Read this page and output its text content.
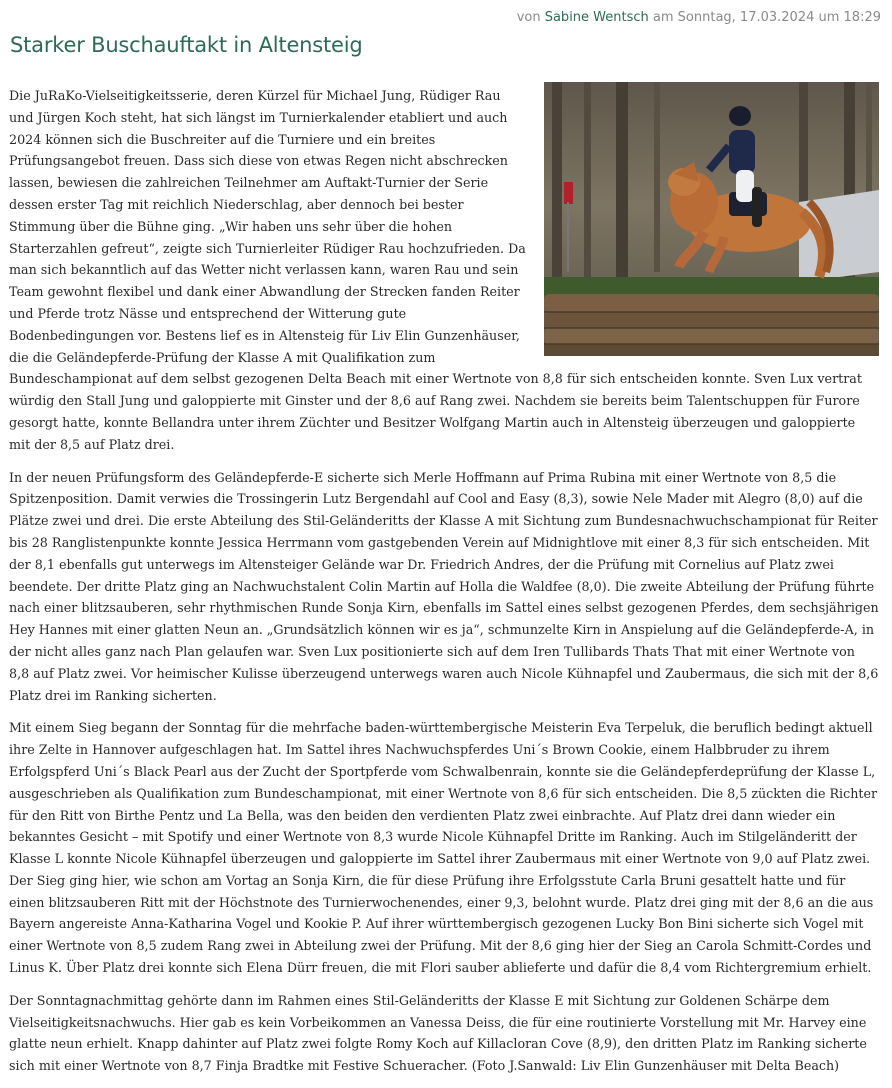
von Sabine Wentsch am Sonntag, 17.03.2024 um 18:29
Starker Buschauftakt in Altensteig

Die JuRaKo-Vielseitigkeitsserie, deren Kürzel für Michael Jung, Rüdiger Rau und Jürgen Koch steht, hat sich längst im Turnierkalender etabliert und auch 2024 können sich die Buschreiter auf die Turniere und ein breites Prüfungsangebot freuen. Dass sich diese von etwas Regen nicht abschrecken lassen, bewiesen die zahlreichen Teilnehmer am Auftakt-Turnier der Serie dessen erster Tag mit reichlich Niederschlag, aber dennoch bei bester Stimmung über die Bühne ging. „Wir haben uns sehr über die hohen Starterzahlen gefreut“, zeigte sich Turnierleiter Rüdiger Rau hochzufrieden. Da man sich bekanntlich auf das Wetter nicht verlassen kann, waren Rau und sein Team gewohnt flexibel und dank einer Abwandlung der Strecken fanden Reiter und Pferde trotz Nässe und entsprechend der Witterung gute Bodenbedingungen vor. Bestens lief es in Altensteig für Liv Elin Gunzenhäuser, die die Geländepferde-Prüfung der Klasse A mit Qualifikation zum Bundeschampionat auf dem selbst gezogenen Delta Beach mit einer Wertnote von 8,8 für sich entscheiden konnte. Sven Lux vertrat würdig den Stall Jung und galoppierte mit Ginster und der 8,6 auf Rang zwei. Nachdem sie bereits beim Talentschuppen für Furore gesorgt hatte, konnte Bellandra unter ihrem Züchter und Besitzer Wolfgang Martin auch in Altensteig überzeugen und galoppierte mit der 8,5 auf Platz drei.

In der neuen Prüfungsform des Geländepferde-E sicherte sich Merle Hoffmann auf Prima Rubina mit einer Wertnote von 8,5 die Spitzenposition. Damit verwies die Trossingerin Lutz Bergendahl auf Cool and Easy (8,3), sowie Nele Mader mit Alegro (8,0) auf die Plätze zwei und drei. Die erste Abteilung des Stil-Geländeritts der Klasse A mit Sichtung zum Bundesnachwuchschampionat für Reiter bis 28 Ranglistenpunkte konnte Jessica Herrmann vom gastgebenden Verein auf Midnightlove mit einer 8,3 für sich entscheiden. Mit der 8,1 ebenfalls gut unterwegs im Altensteiger Gelände war Dr. Friedrich Andres, der die Prüfung mit Cornelius auf Platz zwei beendete. Der dritte Platz ging an Nachwuchstalent Colin Martin auf Holla die Waldfee (8,0). Die zweite Abteilung der Prüfung führte nach einer blitzsauberen, sehr rhythmischen Runde Sonja Kirn, ebenfalls im Sattel eines selbst gezogenen Pferdes, dem sechsjährigen Hey Hannes mit einer glatten Neun an. „Grundsätzlich können wir es ja“, schmunzelte Kirn in Anspielung auf die Geländepferde-A, in der nicht alles ganz nach Plan gelaufen war. Sven Lux positionierte sich auf dem Iren Tullibards Thats That mit einer Wertnote von 8,8 auf Platz zwei. Vor heimischer Kulisse überzeugend unterwegs waren auch Nicole Kühnapfel und Zaubermaus, die sich mit der 8,6 Platz drei im Ranking sicherten.

Mit einem Sieg begann der Sonntag für die mehrfache baden-württembergische Meisterin Eva Terpeluk, die beruflich bedingt aktuell ihre Zelte in Hannover aufgeschlagen hat. Im Sattel ihres Nachwuchspferdes Uni´s Brown Cookie, einem Halbbruder zu ihrem Erfolgspferd Uni´s Black Pearl aus der Zucht der Sportpferde vom Schwalbenrain, konnte sie die Geländepferdeprüfung der Klasse L, ausgeschrieben als Qualifikation zum Bundeschampionat, mit einer Wertnote von 8,6 für sich entscheiden. Die 8,5 zückten die Richter für den Ritt von Birthe Pentz und La Bella, was den beiden den verdienten Platz zwei einbrachte. Auf Platz drei dann wieder ein bekanntes Gesicht – mit Spotify und einer Wertnote von 8,3 wurde Nicole Kühnapfel Dritte im Ranking. Auch im Stilgeländeritt der Klasse L konnte Nicole Kühnapfel überzeugen und galoppierte im Sattel ihrer Zaubermaus mit einer Wertnote von 9,0 auf Platz zwei. Der Sieg ging hier, wie schon am Vortag an Sonja Kirn, die für diese Prüfung ihre Erfolgsstute Carla Bruni gesattelt hatte und für einen blitzsauberen Ritt mit der Höchstnote des Turnierwochenendes, einer 9,3, belohnt wurde. Platz drei ging mit der 8,6 an die aus Bayern angereiste Anna-Katharina Vogel und Kookie P. Auf ihrer württembergisch gezogenen Lucky Bon Bini sicherte sich Vogel mit einer Wertnote von 8,5 zudem Rang zwei in Abteilung zwei der Prüfung. Mit der 8,6 ging hier der Sieg an Carola Schmitt-Cordes und Linus K. Über Platz drei konnte sich Elena Dürr freuen, die mit Flori sauber ablieferte und dafür die 8,4 vom Richtergremium erhielt.

Der Sonntagnachmittag gehörte dann im Rahmen eines Stil-Geländeritts der Klasse E mit Sichtung zur Goldenen Schärpe dem Vielseitigkeitsnachwuchs. Hier gab es kein Vorbeikommen an Vanessa Deiss, die für eine routinierte Vorstellung mit Mr. Harvey eine glatte neun erhielt. Knapp dahinter auf Platz zwei folgte Romy Koch auf Killacloran Cove (8,9), den dritten Platz im Ranking sicherte sich mit einer Wertnote von 8,7 Finja Bradtke mit Festive Schueracher. (Foto J.Sanwald: Liv Elin Gunzenhäuser mit Delta Beach)
